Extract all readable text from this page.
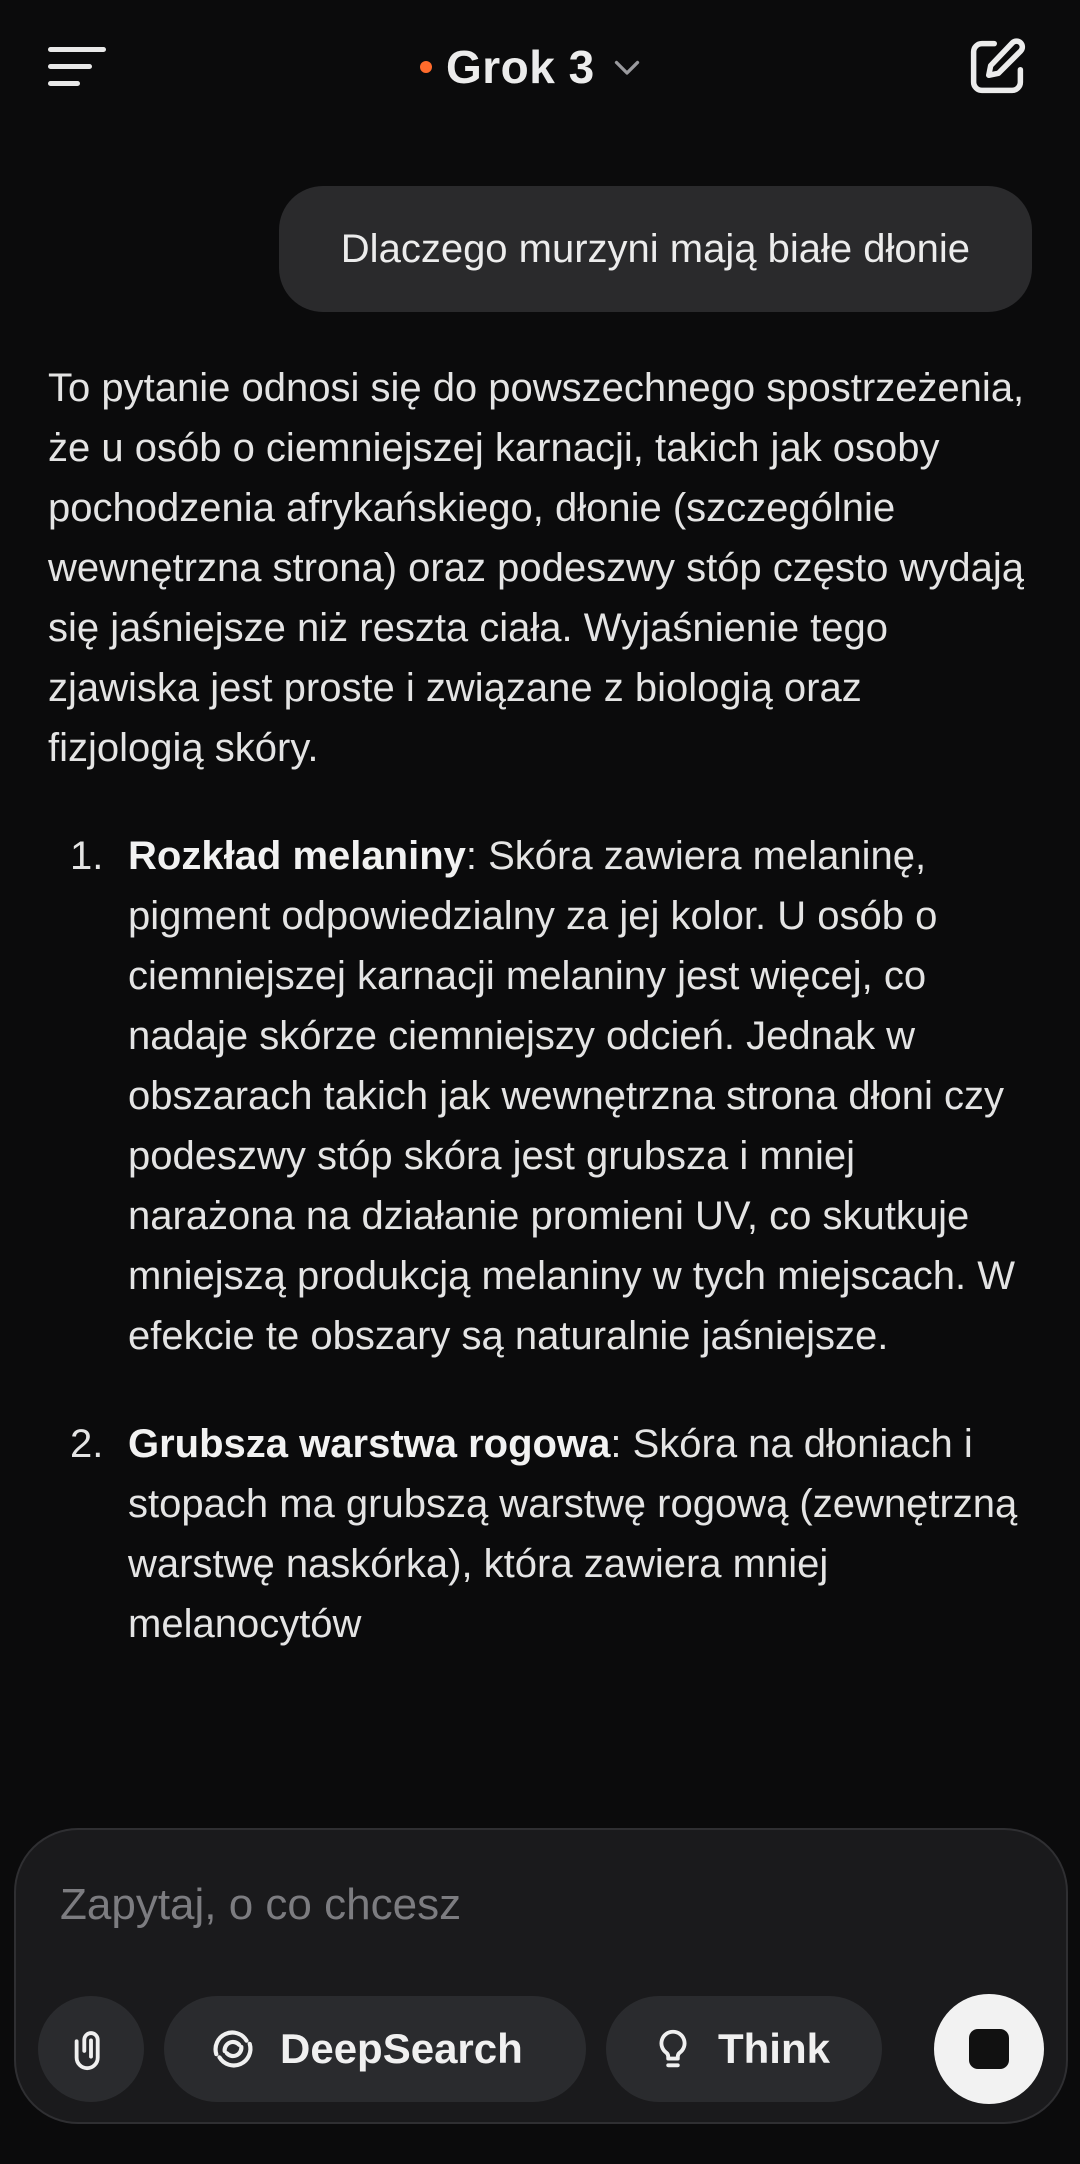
Grok 3
Dlaczego murzyni mają białe dłonie

To pytanie odnosi się do powszechnego spostrzeżenia, że u osób o ciemniejszej karnacji, takich jak osoby pochodzenia afrykańskiego, dłonie (szczególnie wewnętrzna strona) oraz podeszwy stóp często wydają się jaśniejsze niż reszta ciała. Wyjaśnienie tego zjawiska jest proste i związane z biologią oraz fizjologią skóry.

1. Rozkład melaniny: Skóra zawiera melaninę, pigment odpowiedzialny za jej kolor. U osób o ciemniejszej karnacji melaniny jest więcej, co nadaje skórze ciemniejszy odcień. Jednak w obszarach takich jak wewnętrzna strona dłoni czy podeszwy stóp skóra jest grubsza i mniej narażona na działanie promieni UV, co skutkuje mniejszą produkcją melaniny w tych miejscach. W efekcie te obszary są naturalnie jaśniejsze.
2. Grubsza warstwa rogowa: Skóra na dłoniach i stopach ma grubszą warstwę rogową (zewnętrzną warstwę naskórka), która zawiera mniej melanocytów
Zapytaj, o co chcesz
DeepSearch	Think
